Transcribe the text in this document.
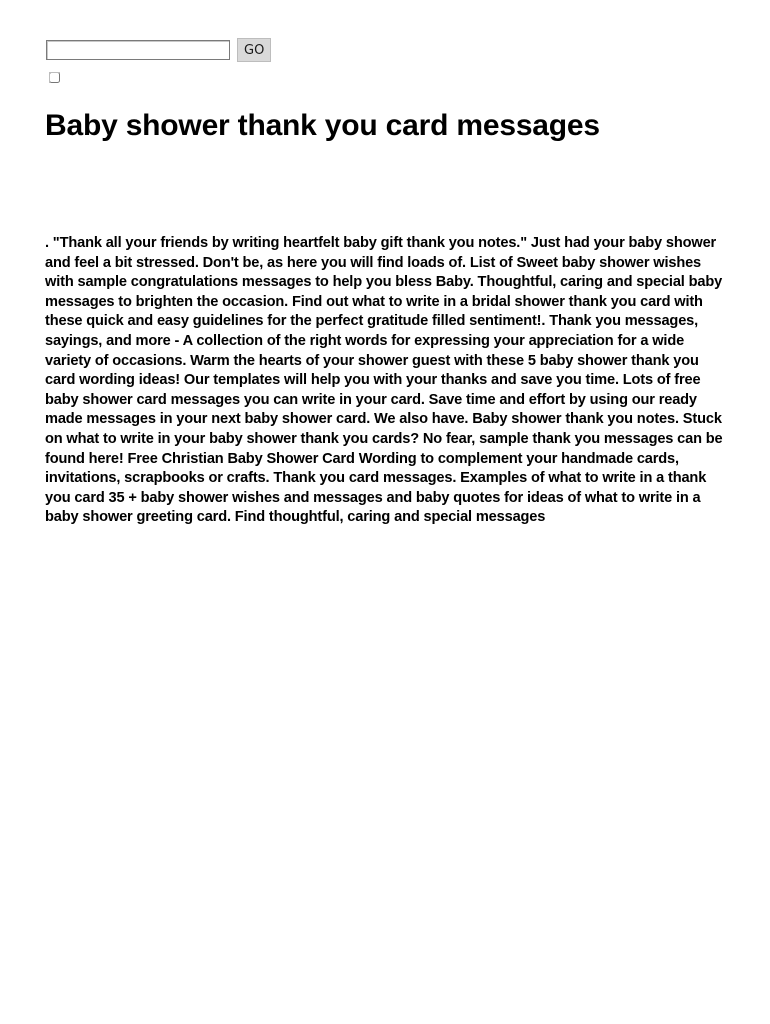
GO
Baby shower thank you card messages

. "Thank all your friends by writing heartfelt baby gift thank you notes." Just had your baby shower and feel a bit stressed. Don't be, as here you will find loads of. List of Sweet baby shower wishes with sample congratulations messages to help you bless Baby. Thoughtful, caring and special baby messages to brighten the occasion. Find out what to write in a bridal shower thank you card with these quick and easy guidelines for the perfect gratitude filled sentiment!. Thank you messages, sayings, and more - A collection of the right words for expressing your appreciation for a wide variety of occasions. Warm the hearts of your shower guest with these 5 baby shower thank you card wording ideas! Our templates will help you with your thanks and save you time. Lots of free baby shower card messages you can write in your card. Save time and effort by using our ready made messages in your next baby shower card. We also have. Baby shower thank you notes. Stuck on what to write in your baby shower thank you cards? No fear, sample thank you messages can be found here! Free Christian Baby Shower Card Wording to complement your handmade cards, invitations, scrapbooks or crafts. Thank you card messages. Examples of what to write in a thank you card 35 + baby shower wishes and messages and baby quotes for ideas of what to write in a baby shower greeting card. Find thoughtful, caring and special messages
